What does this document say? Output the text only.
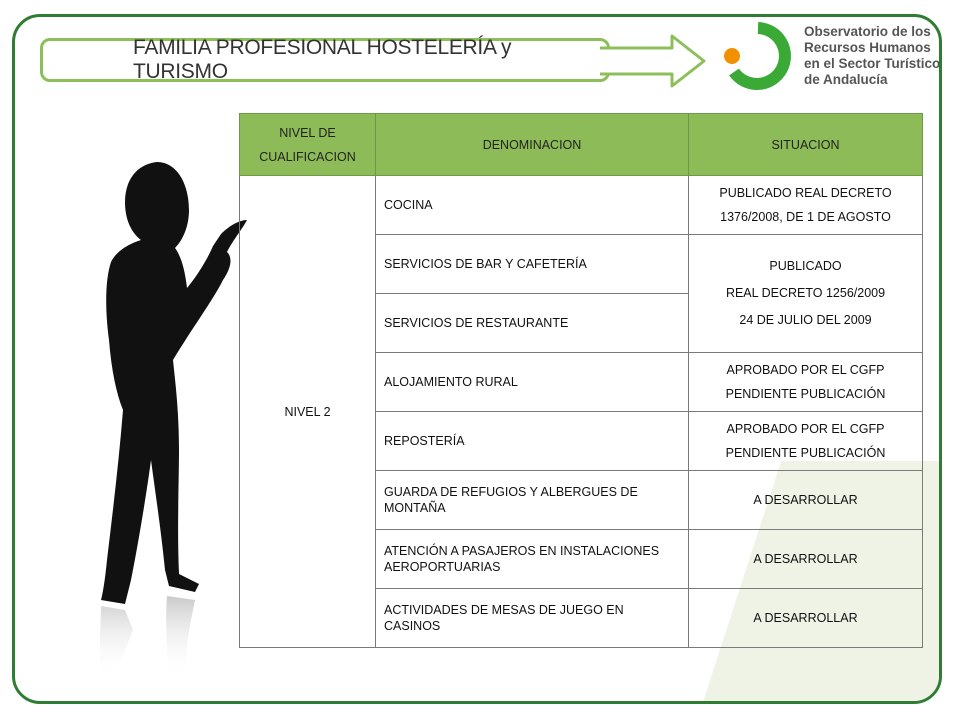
FAMILIA PROFESIONAL HOSTELERÍA y TURISMO
Observatorio de los
Recursos Humanos
en el Sector Turístico
de Andalucía
NIVEL DE
CUALIFICACION	DENOMINACION	SITUACION
NIVEL 2	COCINA	PUBLICADO REAL DECRETO
1376/2008, DE 1 DE AGOSTO

	SERVICIOS DE BAR Y CAFETERÍA	PUBLICADO
REAL DECRETO 1256/2009
24 DE JULIO DEL 2009

	SERVICIOS DE RESTAURANTE	
	ALOJAMIENTO RURAL	APROBADO POR EL CGFP
PENDIENTE PUBLICACIÓN

	REPOSTERÍA	APROBADO POR EL CGFP
PENDIENTE PUBLICACIÓN

	GUARDA DE REFUGIOS Y ALBERGUES DE MONTAÑA	A DESARROLLAR
	ATENCIÓN A PASAJEROS EN INSTALACIONES AEROPORTUARIAS	A DESARROLLAR
	ACTIVIDADES DE MESAS DE JUEGO EN CASINOS	A DESARROLLAR
